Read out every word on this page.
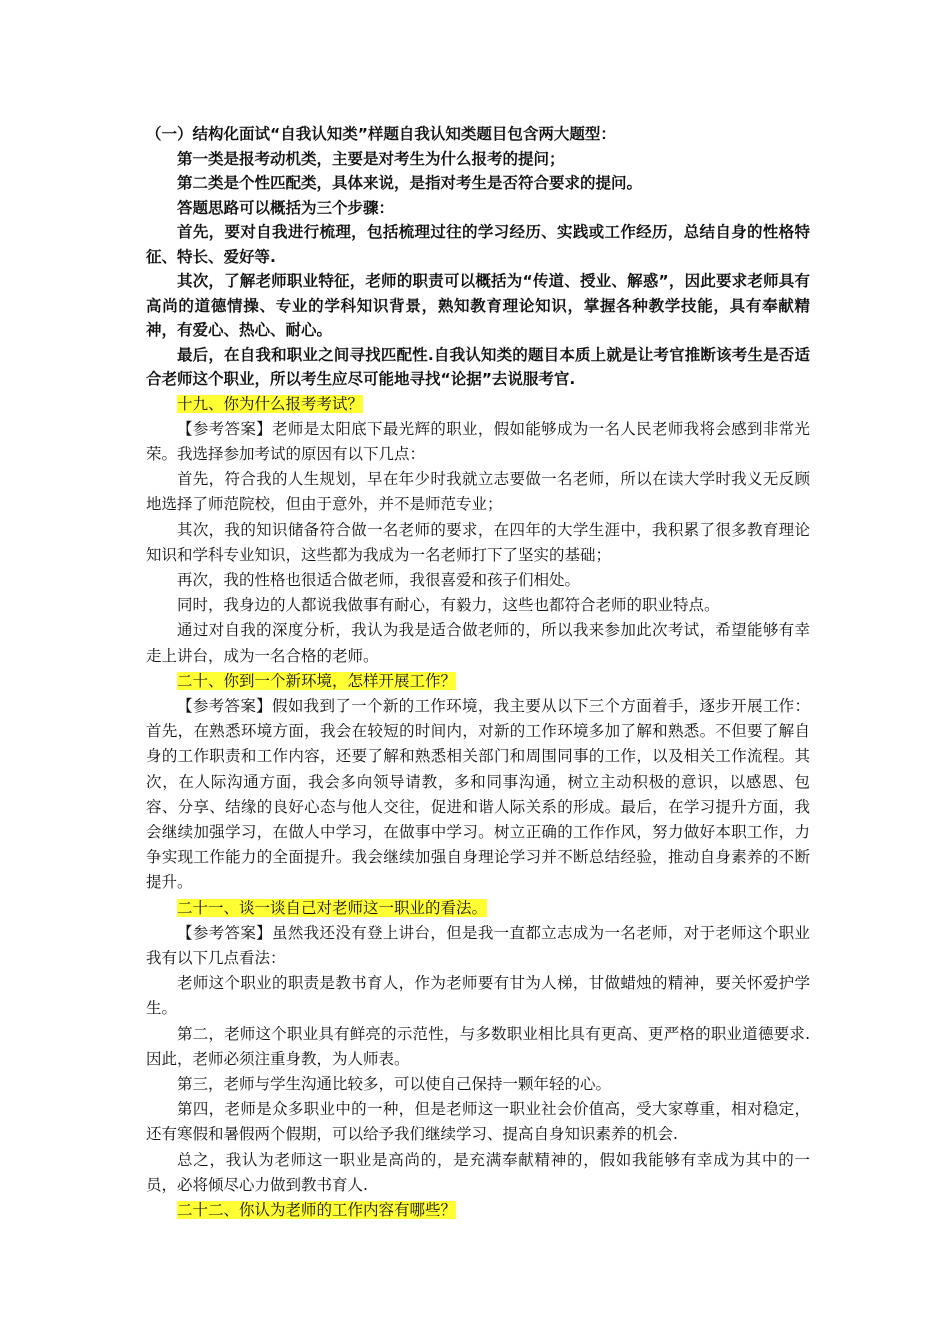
（一）结构化面试“自我认知类”样题自我认知类题目包含两大题型：

第一类是报考动机类，主要是对考生为什么报考的提问；

第二类是个性匹配类，具体来说，是指对考生是否符合要求的提问。

答题思路可以概括为三个步骤：

首先，要对自我进行梳理，包括梳理过往的学习经历、实践或工作经历，总结自身的性格特征、特长、爱好等.

其次，了解老师职业特征，老师的职责可以概括为“传道、授业、解惑”，因此要求老师具有高尚的道德情操、专业的学科知识背景，熟知教育理论知识，掌握各种教学技能，具有奉献精神，有爱心、热心、耐心。

最后，在自我和职业之间寻找匹配性.自我认知类的题目本质上就是让考官推断该考生是否适合老师这个职业，所以考生应尽可能地寻找“论据”去说服考官.

十九、你为什么报考考试？

【参考答案】老师是太阳底下最光辉的职业，假如能够成为一名人民老师我将会感到非常光荣。我选择参加考试的原因有以下几点：

首先，符合我的人生规划，早在年少时我就立志要做一名老师，所以在读大学时我义无反顾地选择了师范院校，但由于意外，并不是师范专业；

其次，我的知识储备符合做一名老师的要求，在四年的大学生涯中，我积累了很多教育理论知识和学科专业知识，这些都为我成为一名老师打下了坚实的基础；

再次，我的性格也很适合做老师，我很喜爱和孩子们相处。

同时，我身边的人都说我做事有耐心，有毅力，这些也都符合老师的职业特点。

通过对自我的深度分析，我认为我是适合做老师的，所以我来参加此次考试，希望能够有幸走上讲台，成为一名合格的老师。

二十、你到一个新环境，怎样开展工作？

【参考答案】假如我到了一个新的工作环境，我主要从以下三个方面着手，逐步开展工作：首先，在熟悉环境方面，我会在较短的时间内，对新的工作环境多加了解和熟悉。不但要了解自身的工作职责和工作内容，还要了解和熟悉相关部门和周围同事的工作，以及相关工作流程。其次，在人际沟通方面，我会多向领导请教，多和同事沟通，树立主动积极的意识，以感恩、包容、分享、结缘的良好心态与他人交往，促进和谐人际关系的形成。最后，在学习提升方面，我会继续加强学习，在做人中学习，在做事中学习。树立正确的工作作风，努力做好本职工作，力争实现工作能力的全面提升。我会继续加强自身理论学习并不断总结经验，推动自身素养的不断提升。

二十一、谈一谈自己对老师这一职业的看法。

【参考答案】虽然我还没有登上讲台，但是我一直都立志成为一名老师，对于老师这个职业我有以下几点看法：

老师这个职业的职责是教书育人，作为老师要有甘为人梯，甘做蜡烛的精神，要关怀爱护学生。

第二，老师这个职业具有鲜亮的示范性，与多数职业相比具有更高、更严格的职业道德要求.因此，老师必须注重身教，为人师表。

第三，老师与学生沟通比较多，可以使自己保持一颗年轻的心。

第四，老师是众多职业中的一种，但是老师这一职业社会价值高，受大家尊重，相对稳定，还有寒假和暑假两个假期，可以给予我们继续学习、提高自身知识素养的机会.

总之，我认为老师这一职业是高尚的，是充满奉献精神的，假如我能够有幸成为其中的一员，必将倾尽心力做到教书育人.

二十二、你认为老师的工作内容有哪些？
